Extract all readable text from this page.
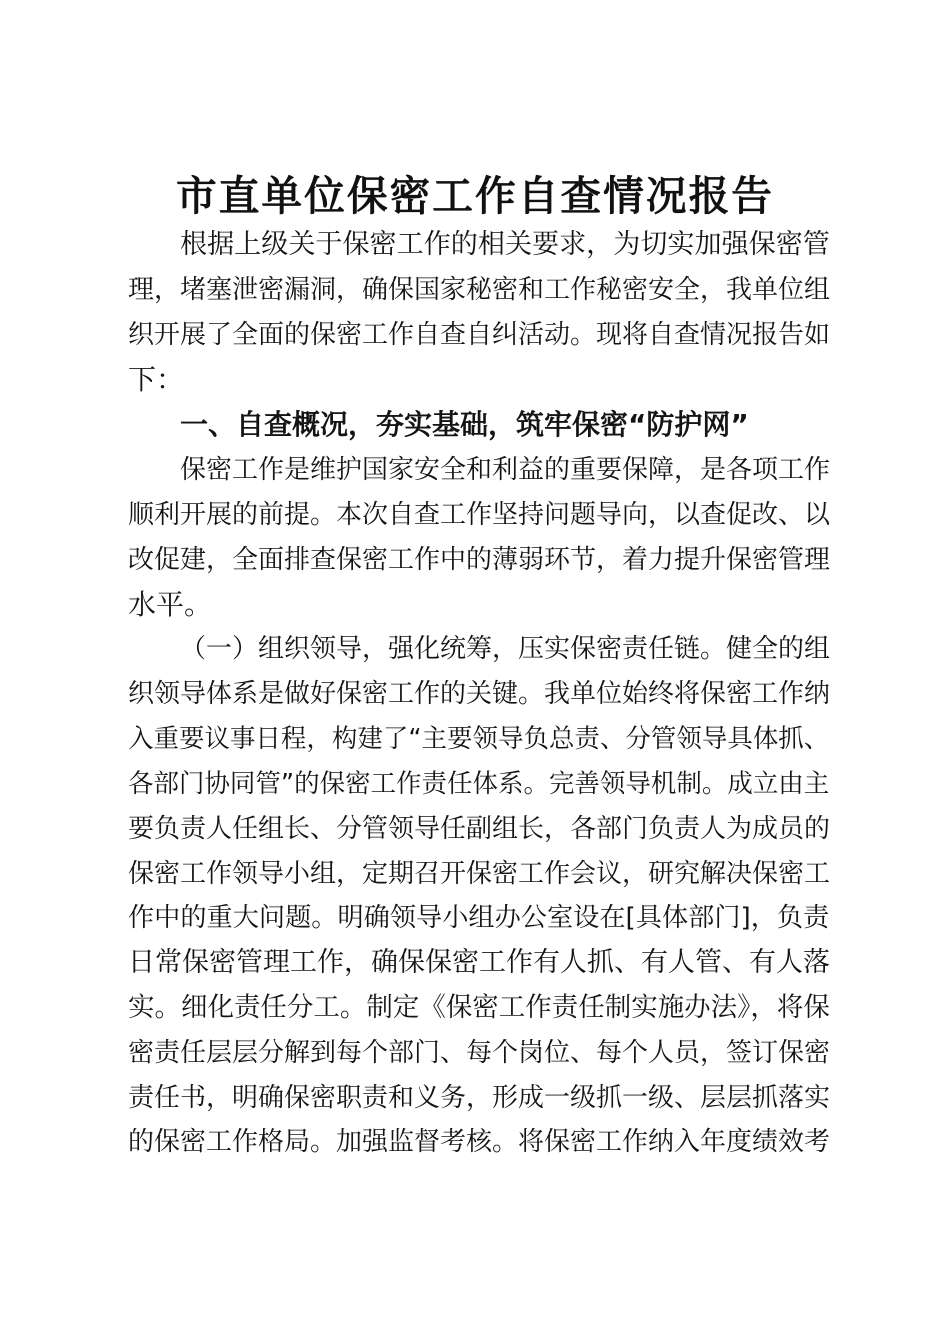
市直单位保密工作自查情况报告
根据上级关于保密工作的相关要求，为切实加强保密管
理，堵塞泄密漏洞，确保国家秘密和工作秘密安全，我单位组
织开展了全面的保密工作自查自纠活动。现将自查情况报告如
下：
一、自查概况，夯实基础，筑牢保密“防护网”
保密工作是维护国家安全和利益的重要保障，是各项工作
顺利开展的前提。本次自查工作坚持问题导向，以查促改、以
改促建，全面排查保密工作中的薄弱环节，着力提升保密管理
水平。
（一）组织领导，强化统筹，压实保密责任链。健全的组
织领导体系是做好保密工作的关键。我单位始终将保密工作纳
入重要议事日程，构建了“主要领导负总责、分管领导具体抓、
各部门协同管”的保密工作责任体系。完善领导机制。成立由主
要负责人任组长、分管领导任副组长，各部门负责人为成员的
保密工作领导小组，定期召开保密工作会议，研究解决保密工
作中的重大问题。明确领导小组办公室设在[具体部门]，负责
日常保密管理工作，确保保密工作有人抓、有人管、有人落
实。细化责任分工。制定《保密工作责任制实施办法》，将保
密责任层层分解到每个部门、每个岗位、每个人员，签订保密
责任书，明确保密职责和义务，形成一级抓一级、层层抓落实
的保密工作格局。加强监督考核。将保密工作纳入年度绩效考
